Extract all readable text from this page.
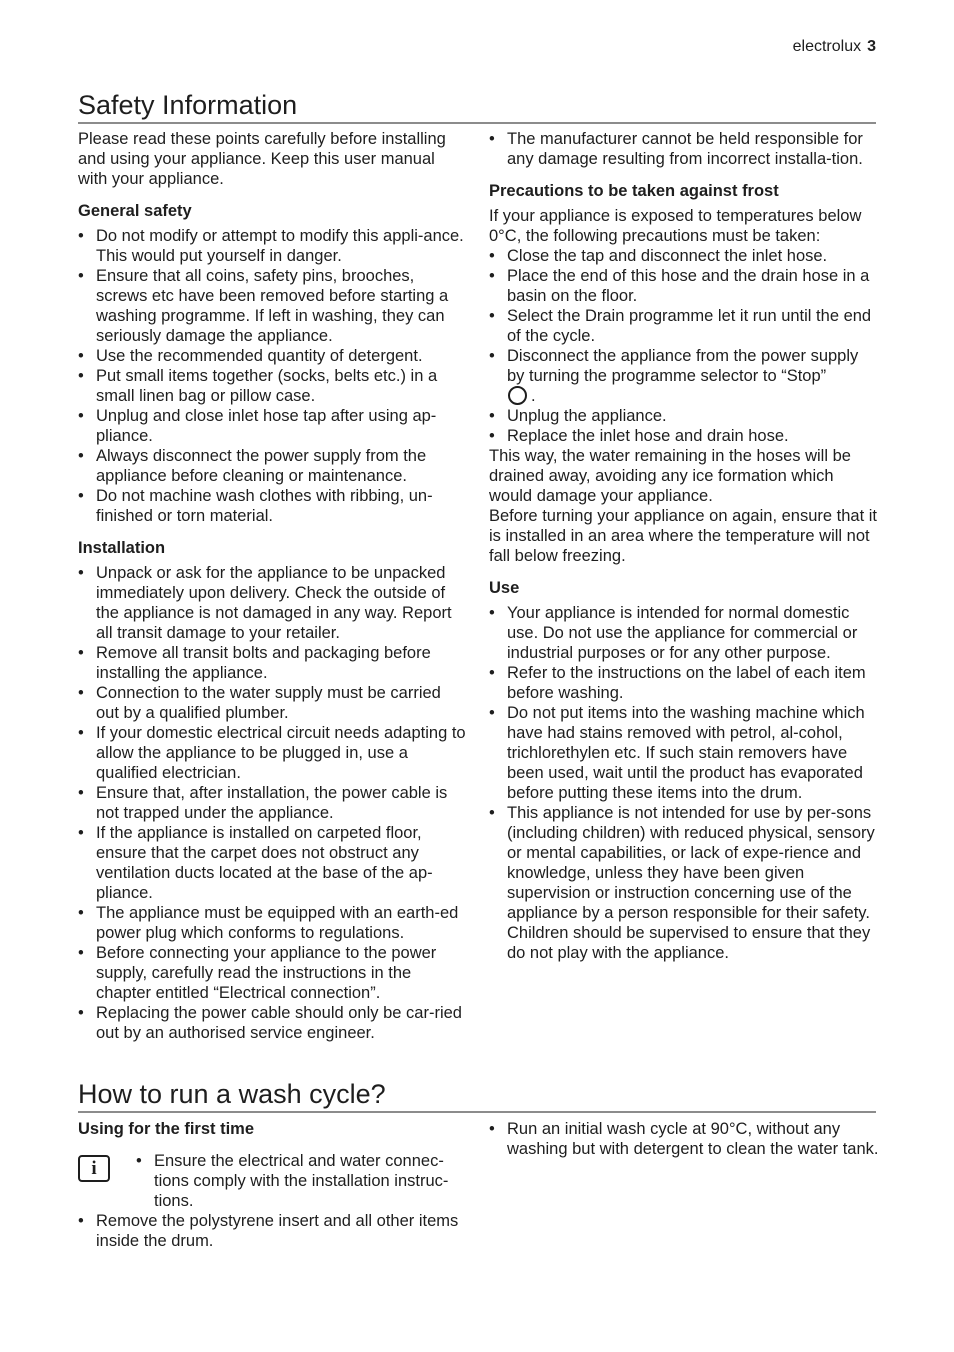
electrolux 3
Safety Information

Please read these points carefully before installing and using your appliance. Keep this user manual with your appliance.

General safety
• Do not modify or attempt to modify this appli-ance. This would put yourself in danger.
• Ensure that all coins, safety pins, brooches, screws etc have been removed before starting a washing programme. If left in washing, they can seriously damage the appliance.
• Use the recommended quantity of detergent.
• Put small items together (socks, belts etc.) in a small linen bag or pillow case.
• Unplug and close inlet hose tap after using ap-pliance.
• Always disconnect the power supply from the appliance before cleaning or maintenance.
• Do not machine wash clothes with ribbing, un-finished or torn material.
Installation
• Unpack or ask for the appliance to be unpacked immediately upon delivery. Check the outside of the appliance is not damaged in any way. Report all transit damage to your retailer.
• Remove all transit bolts and packaging before installing the appliance.
• Connection to the water supply must be carried out by a qualified plumber.
• If your domestic electrical circuit needs adapting to allow the appliance to be plugged in, use a qualified electrician.
• Ensure that, after installation, the power cable is not trapped under the appliance.
• If the appliance is installed on carpeted floor, ensure that the carpet does not obstruct any ventilation ducts located at the base of the ap-pliance.
• The appliance must be equipped with an earth-ed power plug which conforms to regulations.
• Before connecting your appliance to the power supply, carefully read the instructions in the chapter entitled “Electrical connection”.
• Replacing the power cable should only be car-ried out by an authorised service engineer.
• The manufacturer cannot be held responsible for any damage resulting from incorrect installa-tion.
Precautions to be taken against frost

If your appliance is exposed to temperatures below 0°C, the following precautions must be taken:

• Close the tap and disconnect the inlet hose.
• Place the end of this hose and the drain hose in a basin on the floor.
• Select the Drain programme let it run until the end of the cycle.
• Disconnect the appliance from the power supply by turning the programme selector to “Stop”
.
• Unplug the appliance.
• Replace the inlet hose and drain hose.

This way, the water remaining in the hoses will be drained away, avoiding any ice formation which would damage your appliance.

Before turning your appliance on again, ensure that it is installed in an area where the temperature will not fall below freezing.

Use
• Your appliance is intended for normal domestic use. Do not use the appliance for commercial or industrial purposes or for any other purpose.
• Refer to the instructions on the label of each item before washing.
• Do not put items into the washing machine which have had stains removed with petrol, al-cohol, trichlorethylen etc. If such stain removers have been used, wait until the product has evaporated before putting these items into the drum.
• This appliance is not intended for use by per-sons (including children) with reduced physical, sensory or mental capabilities, or lack of expe-rience and knowledge, unless they have been given supervision or instruction concerning use of the appliance by a person responsible for their safety.

Children should be supervised to ensure that they do not play with the appliance.

How to run a wash cycle?
Using for the first time
i
•	Ensure the electrical and water connec-tions comply with the installation instruc-tions.
• Remove the polystyrene insert and all other items inside the drum.
• Run an initial wash cycle at 90°C, without any washing but with detergent to clean the water tank.
